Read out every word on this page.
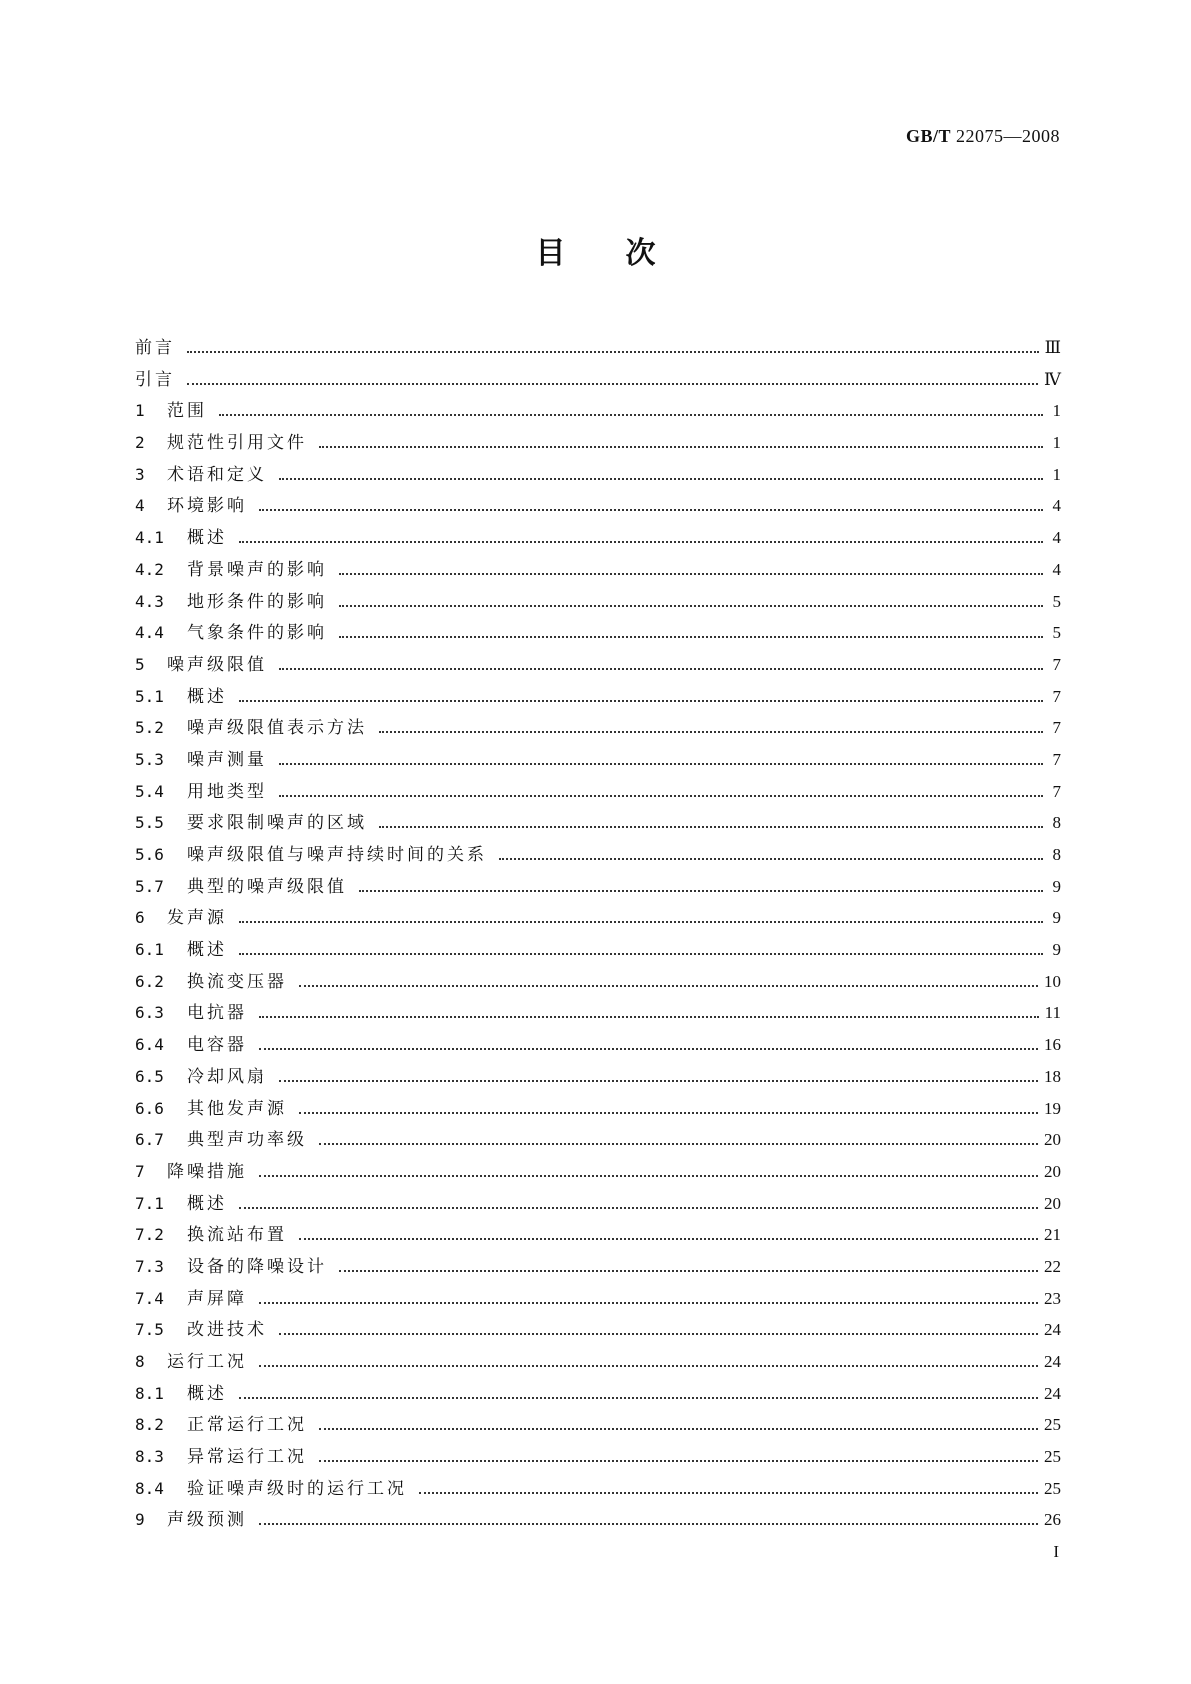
GB/T 22075—2008
目次
前言	Ⅲ
引言	Ⅳ
1	范围	1
2	规范性引用文件	1
3	术语和定义	1
4	环境影响	4
4.1	概述	4
4.2	背景噪声的影响	4
4.3	地形条件的影响	5
4.4	气象条件的影响	5
5	噪声级限值	7
5.1	概述	7
5.2	噪声级限值表示方法	7
5.3	噪声测量	7
5.4	用地类型	7
5.5	要求限制噪声的区域	8
5.6	噪声级限值与噪声持续时间的关系	8
5.7	典型的噪声级限值	9
6	发声源	9
6.1	概述	9
6.2	换流变压器	10
6.3	电抗器	11
6.4	电容器	16
6.5	冷却风扇	18
6.6	其他发声源	19
6.7	典型声功率级	20
7	降噪措施	20
7.1	概述	20
7.2	换流站布置	21
7.3	设备的降噪设计	22
7.4	声屏障	23
7.5	改进技术	24
8	运行工况	24
8.1	概述	24
8.2	正常运行工况	25
8.3	异常运行工况	25
8.4	验证噪声级时的运行工况	25
9	声级预测	26
I
